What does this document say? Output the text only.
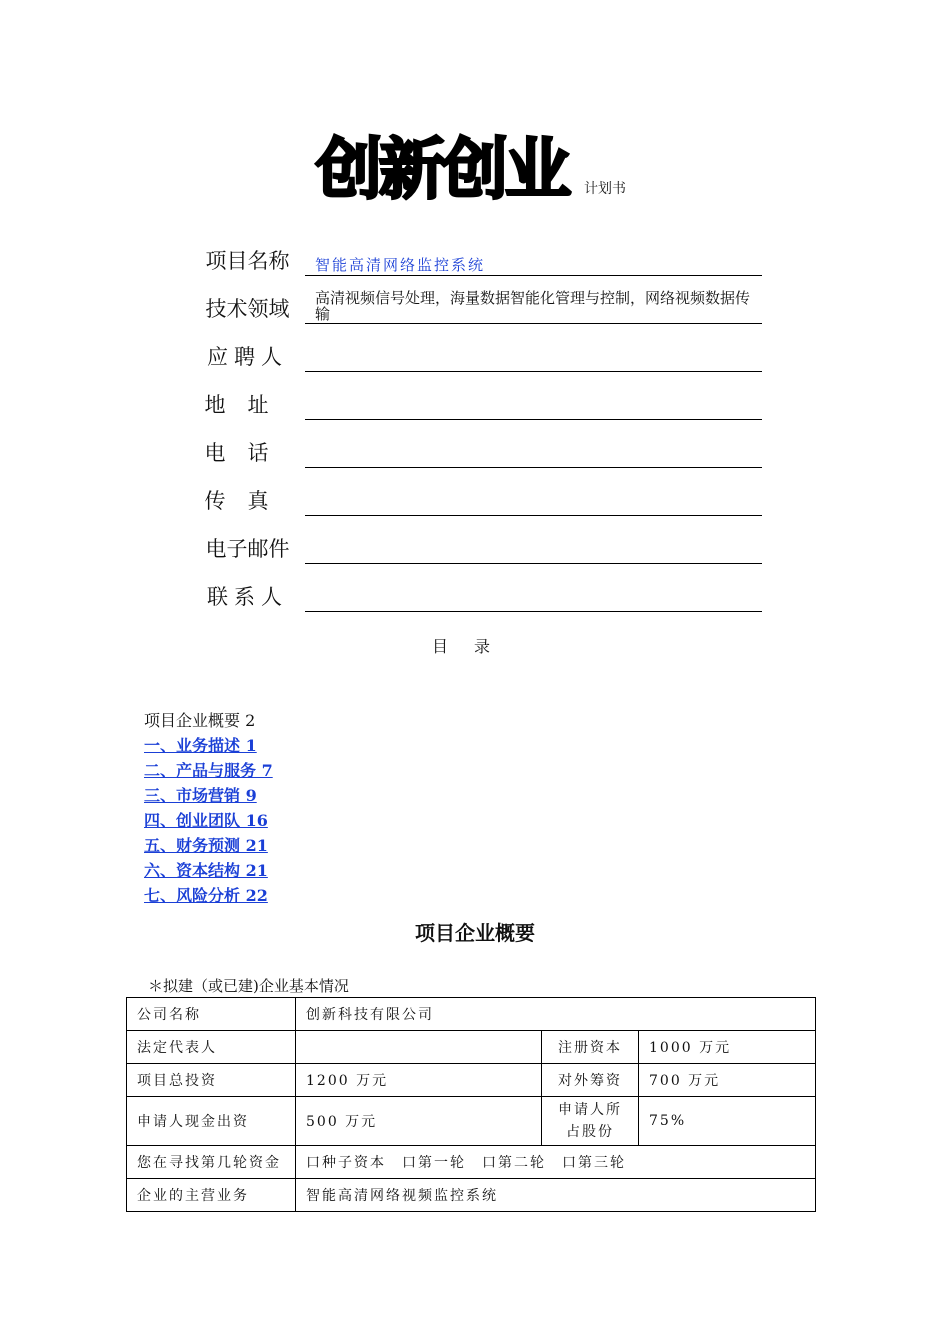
创新创业 计划书
项目名称	智能高清网络监控系统
技术领域	高清视频信号处理，海量数据智能化管理与控制，网络视频数据传输
应聘人
地址
电话
传真
电子邮件
联系人
目录
项目企业概要 2
一、业务描述 1
二、产品与服务 7
三、市场营销 9
四、创业团队 16
五、财务预测 21
六、资本结构 21
七、风险分析 22
项目企业概要
＊拟建（或已建)企业基本情况
公司名称	创新科技有限公司		
法定代表人		注册资本	1000 万元
项目总投资	1200 万元	对外筹资	700 万元
申请人现金出资	500 万元	申请人所占股份	75%
您在寻找第几轮资金	口种子资本　口第一轮　口第二轮　口第三轮		
企业的主营业务	智能高清网络视频监控系统		
